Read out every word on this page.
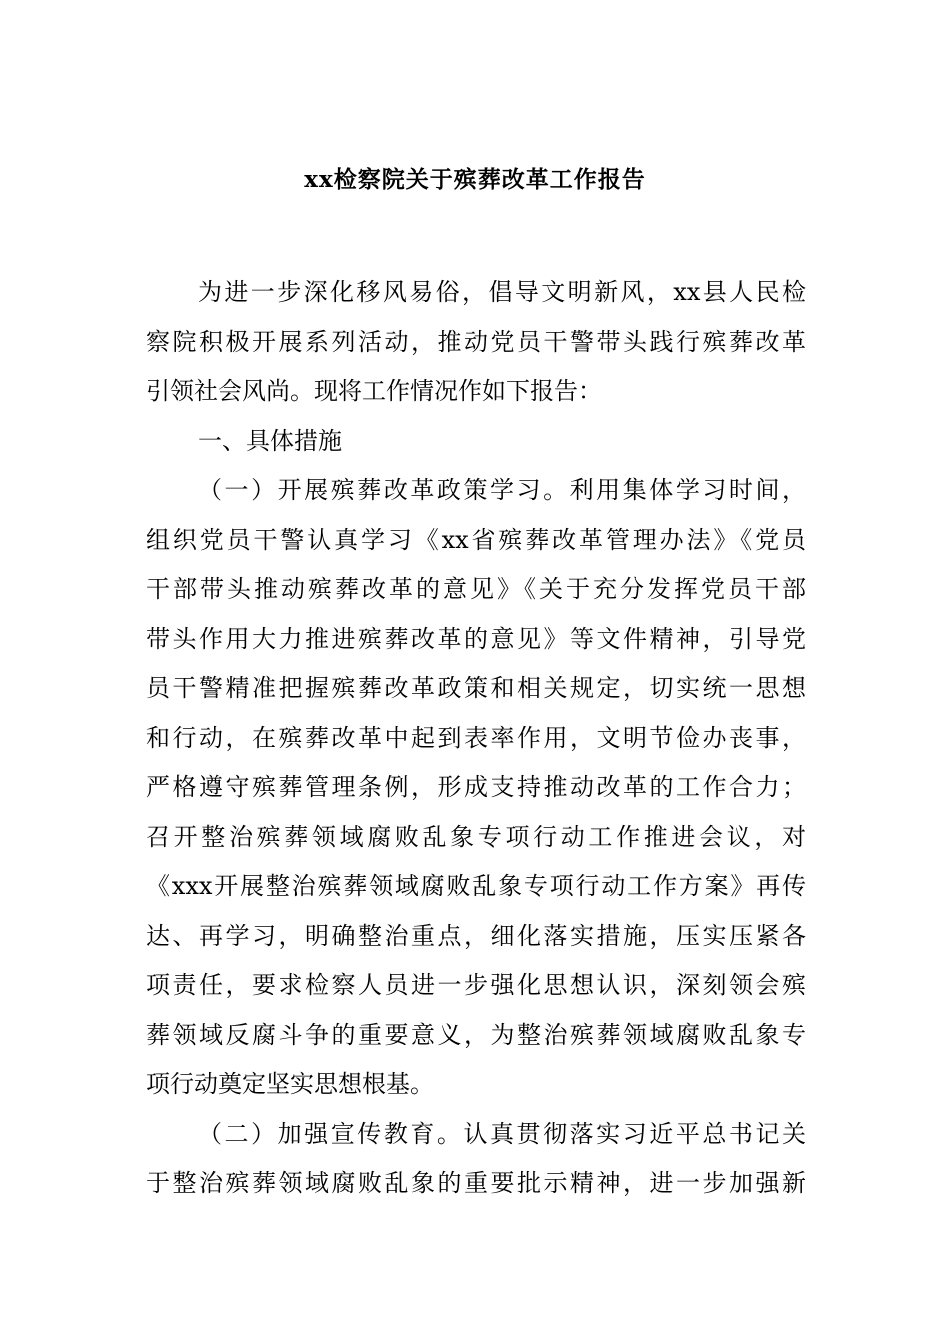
xx检察院关于殡葬改革工作报告
为进一步深化移风易俗，倡导文明新风，xx县人民检
察院积极开展系列活动，推动党员干警带头践行殡葬改革
引领社会风尚。现将工作情况作如下报告：
一、具体措施
（一）开展殡葬改革政策学习。利用集体学习时间，
组织党员干警认真学习《xx省殡葬改革管理办法》《党员
干部带头推动殡葬改革的意见》《关于充分发挥党员干部
带头作用大力推进殡葬改革的意见》等文件精神，引导党
员干警精准把握殡葬改革政策和相关规定，切实统一思想
和行动，在殡葬改革中起到表率作用，文明节俭办丧事，
严格遵守殡葬管理条例，形成支持推动改革的工作合力；
召开整治殡葬领域腐败乱象专项行动工作推进会议，对
《xxx开展整治殡葬领域腐败乱象专项行动工作方案》再传
达、再学习，明确整治重点，细化落实措施，压实压紧各
项责任，要求检察人员进一步强化思想认识，深刻领会殡
葬领域反腐斗争的重要意义，为整治殡葬领域腐败乱象专
项行动奠定坚实思想根基。
（二）加强宣传教育。认真贯彻落实习近平总书记关
于整治殡葬领域腐败乱象的重要批示精神，进一步加强新
